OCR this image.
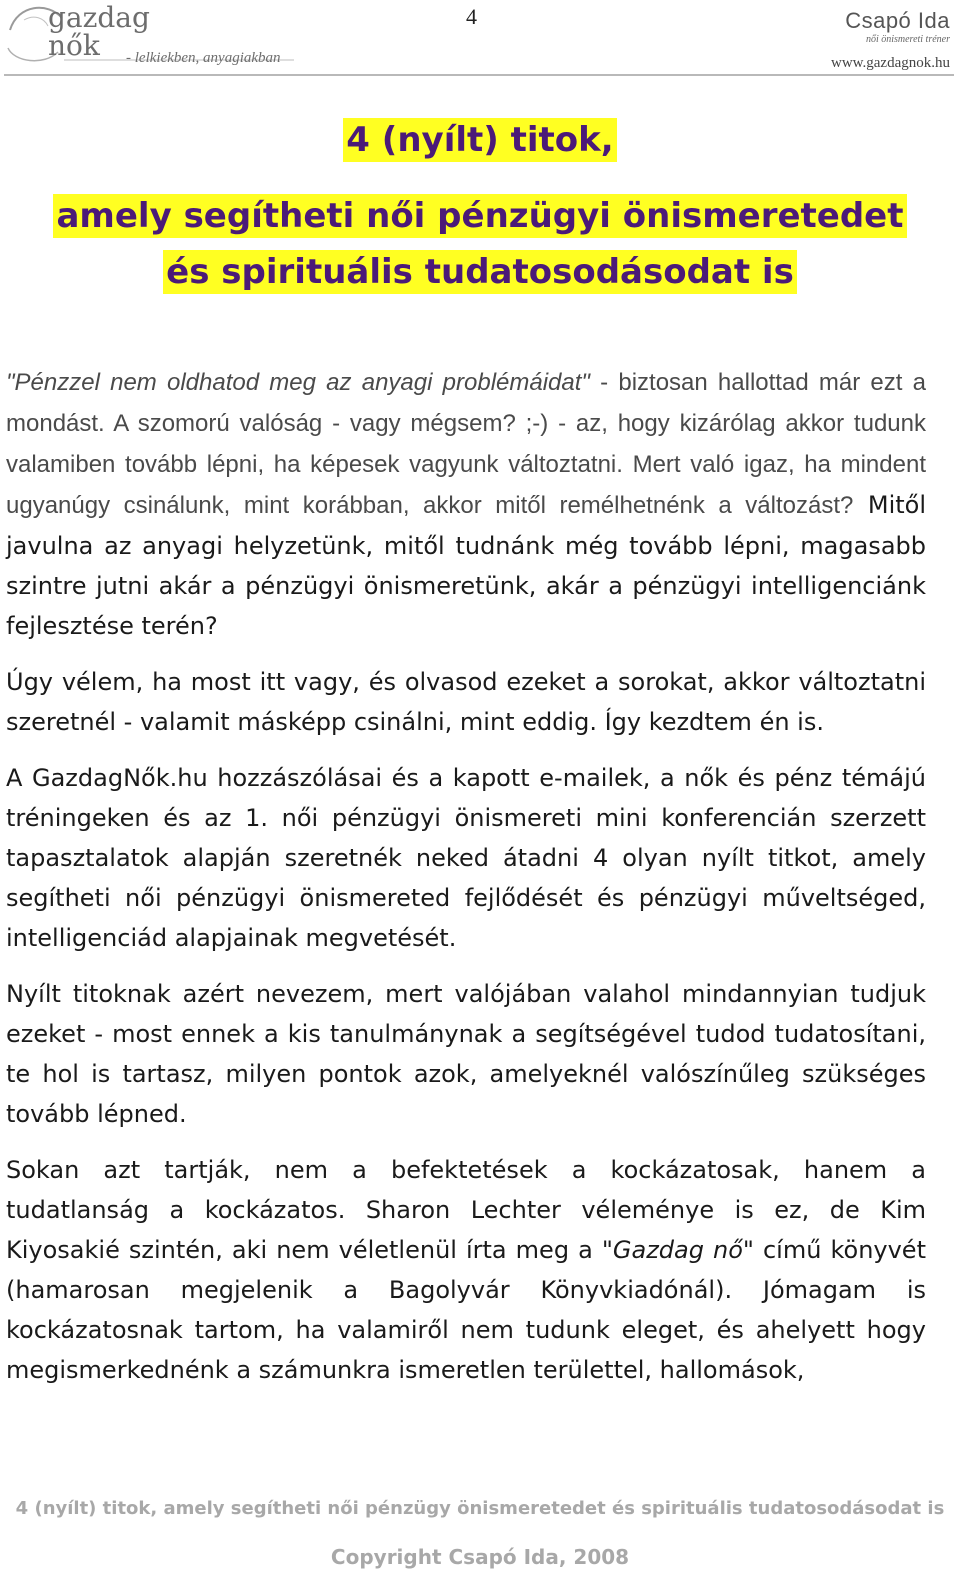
gazdag nők	- lelkiekben, anyagiakban
4	Csapó Ida
női önismereti tréner
www.gazdagnok.hu
4 (nyílt) titok,
amely segítheti női pénzügyi önismeretedet
és spirituális tudatosodásodat is

"Pénzzel nem oldhatod meg az anyagi problémáidat" - biztosan hallottad már ezt a mondást. A szomorú valóság - vagy mégsem? ;-) - az, hogy kizárólag akkor tudunk valamiben tovább lépni, ha képesek vagyunk változtatni. Mert való igaz, ha mindent ugyanúgy csinálunk, mint korábban, akkor mitől remélhetnénk a változást? Mitől javulna az anyagi helyzetünk, mitől tudnánk még tovább lépni, magasabb szintre jutni akár a pénzügyi önismeretünk, akár a pénzügyi intelligenciánk fejlesztése terén?

Úgy vélem, ha most itt vagy, és olvasod ezeket a sorokat, akkor változtatni szeretnél - valamit másképp csinálni, mint eddig. Így kezdtem én is.

A GazdagNők.hu hozzászólásai és a kapott e-mailek, a nők és pénz témájú tréningeken és az 1. női pénzügyi önismereti mini konferencián szerzett tapasztalatok alapján szeretnék neked átadni 4 olyan nyílt titkot, amely segítheti női pénzügyi önismereted fejlődését és pénzügyi műveltséged, intelligenciád alapjainak megvetését.

Nyílt titoknak azért nevezem, mert valójában valahol mindannyian tudjuk ezeket - most ennek a kis tanulmánynak a segítségével tudod tudatosítani, te hol is tartasz, milyen pontok azok, amelyeknél valószínűleg szükséges tovább lépned.

Sokan azt tartják, nem a befektetések a kockázatosak, hanem a tudatlanság a kockázatos. Sharon Lechter véleménye is ez, de Kim Kiyosakié szintén, aki nem véletlenül írta meg a "Gazdag nő" című könyvét (hamarosan megjelenik a Bagolyvár Könyvkiadónál). Jómagam is kockázatosnak tartom, ha valamiről nem tudunk eleget, és ahelyett hogy megismerkednénk a számunkra ismeretlen területtel, hallomások,

4 (nyílt) titok, amely segítheti női pénzügy önismeretedet és spirituális tudatosodásodat is
Copyright Csapó Ida, 2008
